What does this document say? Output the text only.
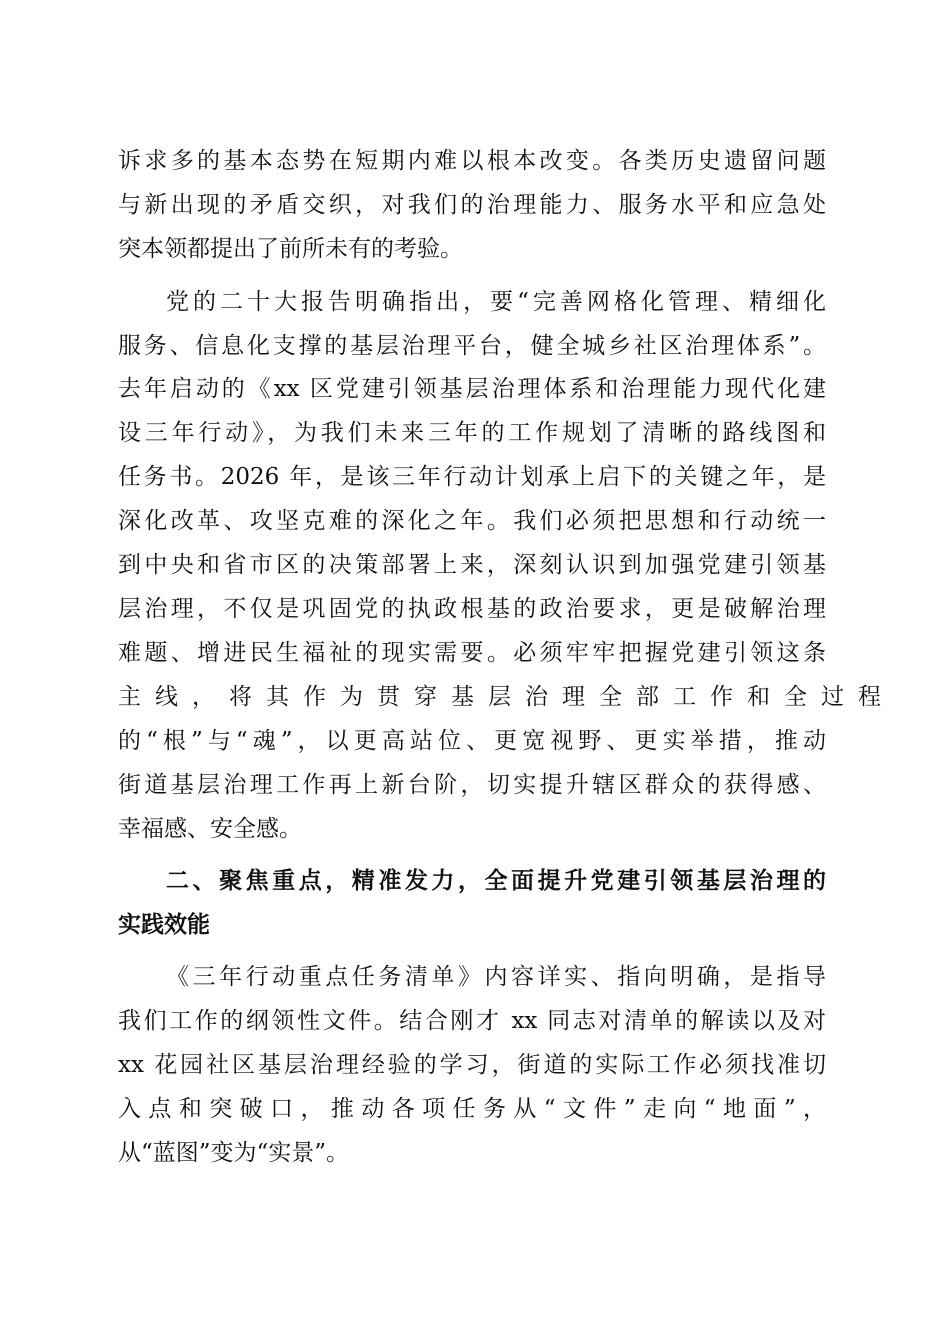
诉求多的基本态势在短期内难以根本改变。各类历史遗留问题
与新出现的矛盾交织，对我们的治理能力、服务水平和应急处
突本领都提出了前所未有的考验。
党的二十大报告明确指出，要“完善网格化管理、精细化
服务、信息化支撑的基层治理平台，健全城乡社区治理体系”。
去年启动的《xx 区党建引领基层治理体系和治理能力现代化建
设三年行动》，为我们未来三年的工作规划了清晰的路线图和
任务书。2026 年，是该三年行动计划承上启下的关键之年，是
深化改革、攻坚克难的深化之年。我们必须把思想和行动统一
到中央和省市区的决策部署上来，深刻认识到加强党建引领基
层治理，不仅是巩固党的执政根基的政治要求，更是破解治理
难题、增进民生福祉的现实需要。必须牢牢把握党建引领这条
主线，将其作为贯穿基层治理全部工作和全过程
的“根”与“魂”，以更高站位、更宽视野、更实举措，推动
街道基层治理工作再上新台阶，切实提升辖区群众的获得感、
幸福感、安全感。
二、聚焦重点，精准发力，全面提升党建引领基层治理的
实践效能
《三年行动重点任务清单》内容详实、指向明确，是指导
我们工作的纲领性文件。结合刚才 xx 同志对清单的解读以及对
xx 花园社区基层治理经验的学习，街道的实际工作必须找准切
入点和突破口，推动各项任务从“文件”走向“地面”，
从“蓝图”变为“实景”。
